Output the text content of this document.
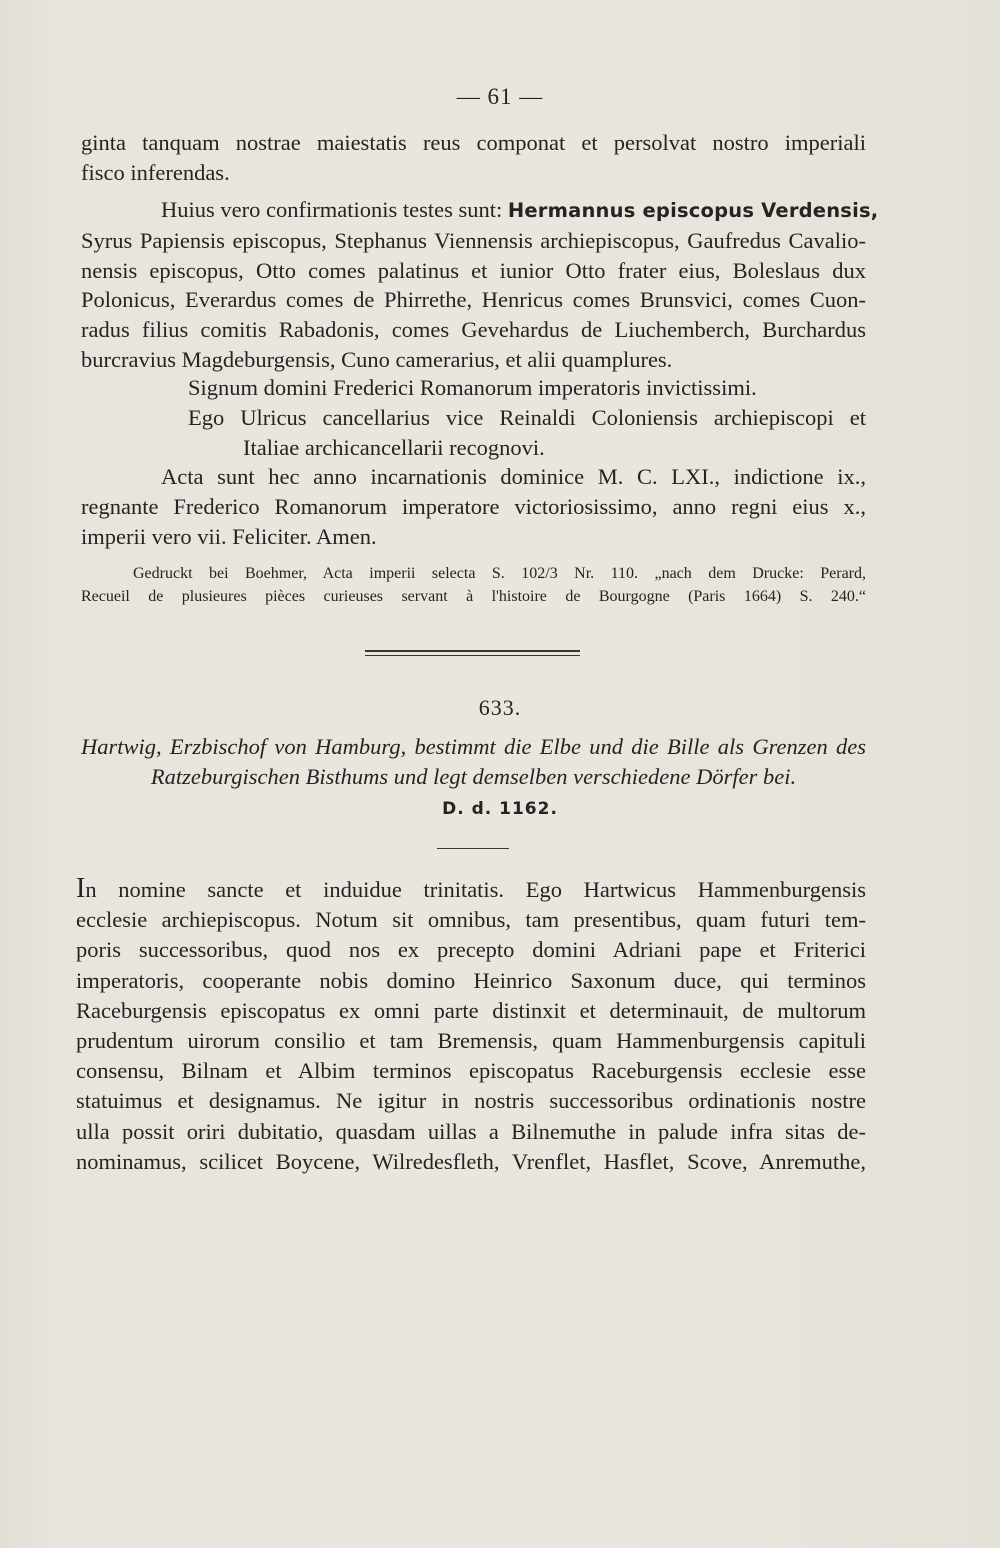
— 61 —
ginta tanquam nostrae maiestatis reus componat et persolvat nostro imperiali
fisco inferendas.
Huius vero confirmationis testes sunt: Hermannus episcopus Verdensis,
Syrus Papiensis episcopus, Stephanus Viennensis archiepiscopus, Gaufredus Cavalio-
nensis episcopus, Otto comes palatinus et iunior Otto frater eius, Boleslaus dux
Polonicus, Everardus comes de Phirrethe, Henricus comes Brunsvici, comes Cuon-
radus filius comitis Rabadonis, comes Gevehardus de Liuchemberch, Burchardus
burcravius Magdeburgensis, Cuno camerarius, et alii quamplures.
Signum domini Frederici Romanorum imperatoris invictissimi.
Ego Ulricus cancellarius vice Reinaldi Coloniensis archiepiscopi et
Italiae archicancellarii recognovi.
Acta sunt hec anno incarnationis dominice M. C. LXI., indictione ix.,
regnante Frederico Romanorum imperatore victoriosissimo, anno regni eius x.,
imperii vero vii. Feliciter. Amen.
Gedruckt bei Boehmer, Acta imperii selecta S. 102/3 Nr. 110. „nach dem Drucke: Perard,
Recueil de plusieures pièces curieuses servant à l'histoire de Bourgogne (Paris 1664) S. 240.“
633.
Hartwig, Erzbischof von Hamburg, bestimmt die Elbe und die Bille als Grenzen des
Ratzeburgischen Bisthums und legt demselben verschiedene Dörfer bei.
D. d. 1162.
In nomine sancte et induidue trinitatis. Ego Hartwicus Hammenburgensis
ecclesie archiepiscopus. Notum sit omnibus, tam presentibus, quam futuri tem-
poris successoribus, quod nos ex precepto domini Adriani pape et Friterici
imperatoris, cooperante nobis domino Heinrico Saxonum duce, qui terminos
Raceburgensis episcopatus ex omni parte distinxit et determinauit, de multorum
prudentum uirorum consilio et tam Bremensis, quam Hammenburgensis capituli
consensu, Bilnam et Albim terminos episcopatus Raceburgensis ecclesie esse
statuimus et designamus. Ne igitur in nostris successoribus ordinationis nostre
ulla possit oriri dubitatio, quasdam uillas a Bilnemuthe in palude infra sitas de-
nominamus, scilicet Boycene, Wilredesfleth, Vrenflet, Hasflet, Scove, Anremuthe,
